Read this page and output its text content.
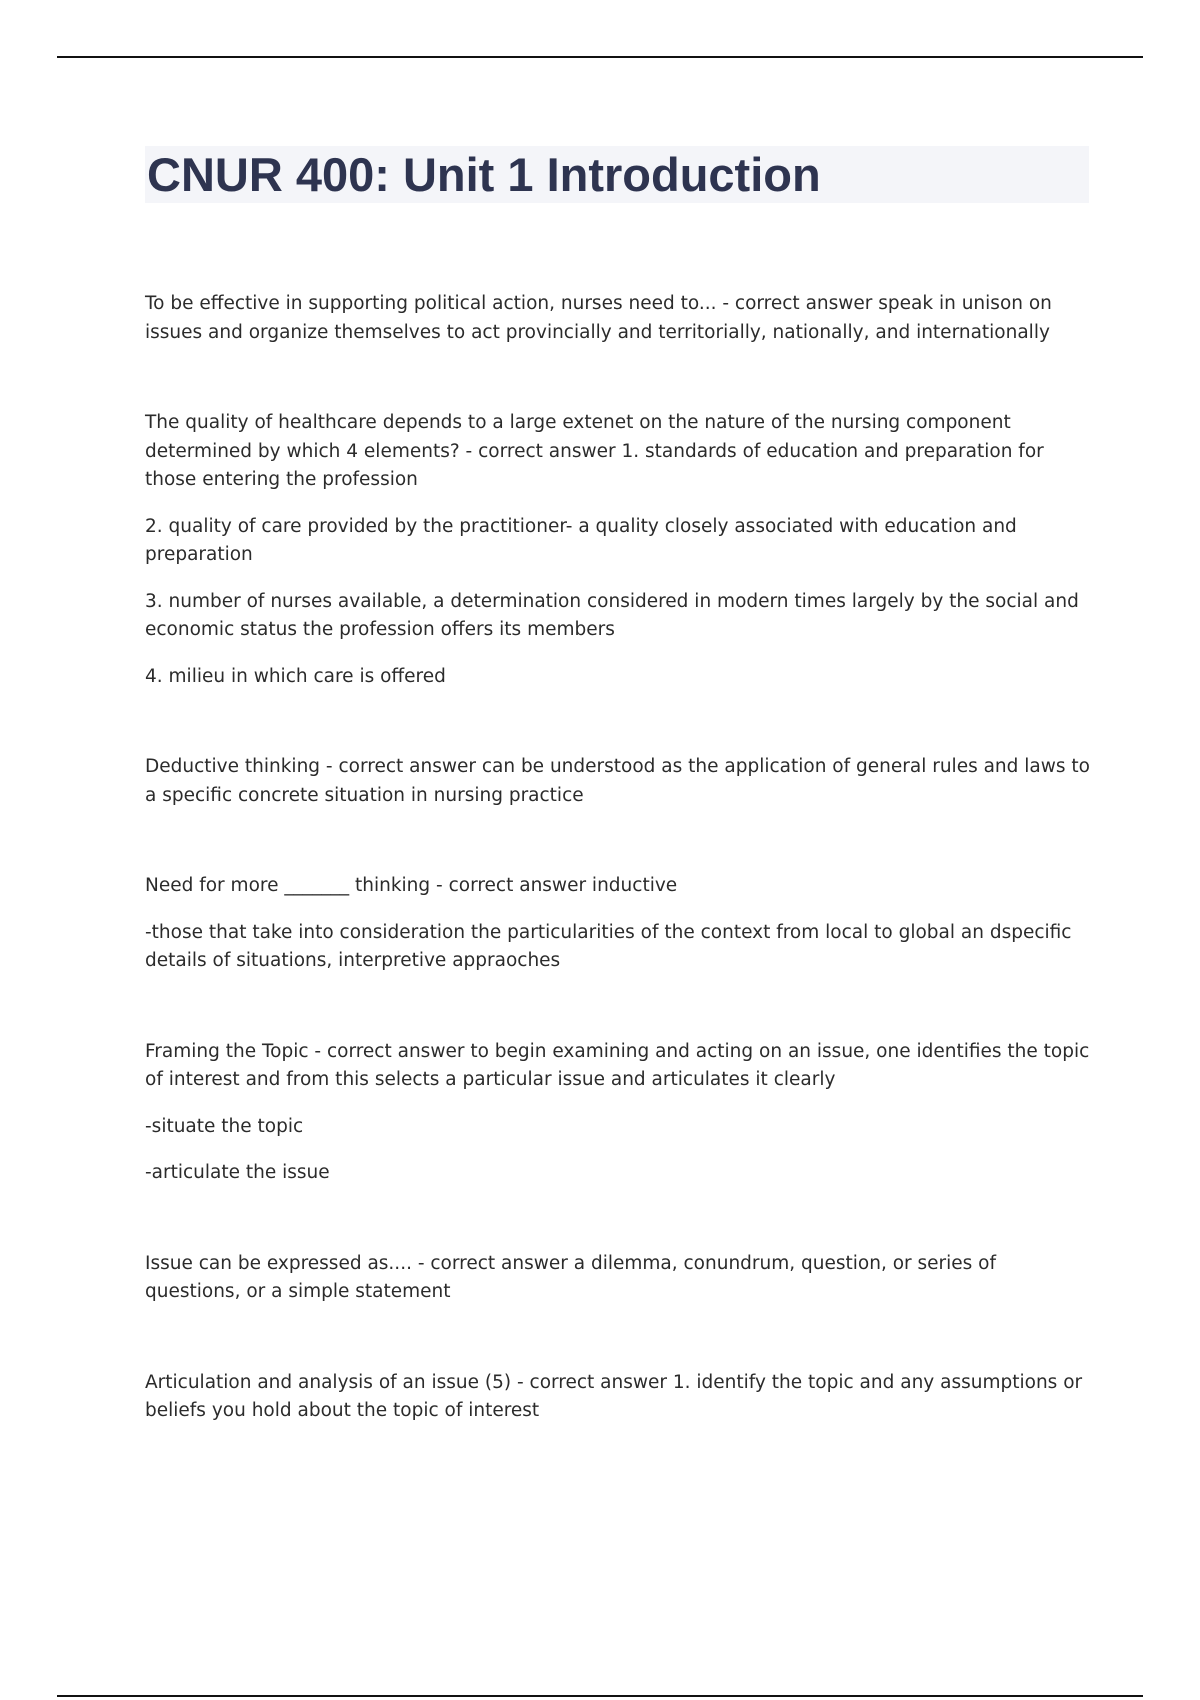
CNUR 400: Unit 1 Introduction

To be effective in supporting political action, nurses need to... - correct answer speak in unison on issues and organize themselves to act provincially and territorially, nationally, and internationally

The quality of healthcare depends to a large extenet on the nature of the nursing component determined by which 4 elements? - correct answer 1. standards of education and preparation for those entering the profession

2. quality of care provided by the practitioner- a quality closely associated with education and preparation

3. number of nurses available, a determination considered in modern times largely by the social and economic status the profession offers its members

4. milieu in which care is offered

Deductive thinking - correct answer can be understood as the application of general rules and laws to a specific concrete situation in nursing practice

Need for more _______ thinking - correct answer inductive

-those that take into consideration the particularities of the context from local to global an dspecific details of situations, interpretive appraoches

Framing the Topic - correct answer to begin examining and acting on an issue, one identifies the topic of interest and from this selects a particular issue and articulates it clearly

-situate the topic

-articulate the issue

Issue can be expressed as.... - correct answer a dilemma, conundrum, question, or series of questions, or a simple statement

Articulation and analysis of an issue (5) - correct answer 1. identify the topic and any assumptions or beliefs you hold about the topic of interest
